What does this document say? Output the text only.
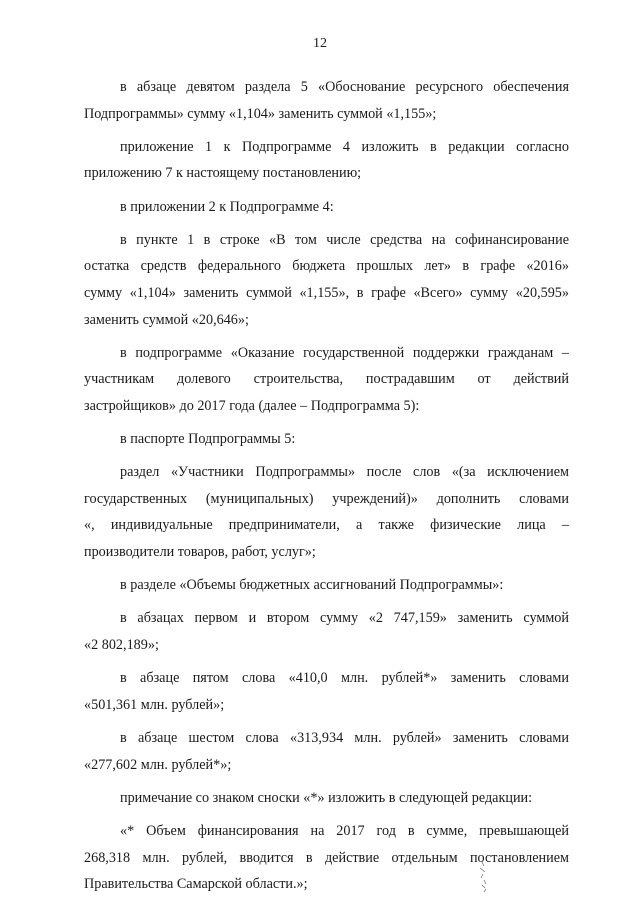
12
в абзаце девятом раздела 5 «Обоснование ресурсного обеспечения
Подпрограммы» сумму «1,104» заменить суммой «1,155»;
приложение 1 к Подпрограмме 4 изложить в редакции согласно
приложению 7 к настоящему постановлению;
в приложении 2 к Подпрограмме 4:
в пункте 1 в строке «В том числе средства на софинансирование
остатка средств федерального бюджета прошлых лет» в графе «2016»
сумму «1,104» заменить суммой «1,155», в графе «Всего» сумму «20,595»
заменить суммой «20,646»;
в подпрограмме «Оказание государственной поддержки гражданам –
участникам долевого строительства, пострадавшим от действий
застройщиков» до 2017 года (далее – Подпрограмма 5):
в паспорте Подпрограммы 5:
раздел «Участники Подпрограммы» после слов «(за исключением
государственных (муниципальных) учреждений)» дополнить словами
«, индивидуальные предприниматели, а также физические лица –
производители товаров, работ, услуг»;
в разделе «Объемы бюджетных ассигнований Подпрограммы»:
в абзацах первом и втором сумму «2 747,159» заменить суммой
«2 802,189»;
в абзаце пятом слова «410,0 млн. рублей*» заменить словами
«501,361 млн. рублей»;
в абзаце шестом слова «313,934 млн. рублей» заменить словами
«277,602 млн. рублей*»;
примечание со знаком сноски «*» изложить в следующей редакции:
«* Объем финансирования на 2017 год в сумме, превышающей
268,318 млн. рублей, вводится в действие отдельным постановлением
Правительства Самарской области.»;
